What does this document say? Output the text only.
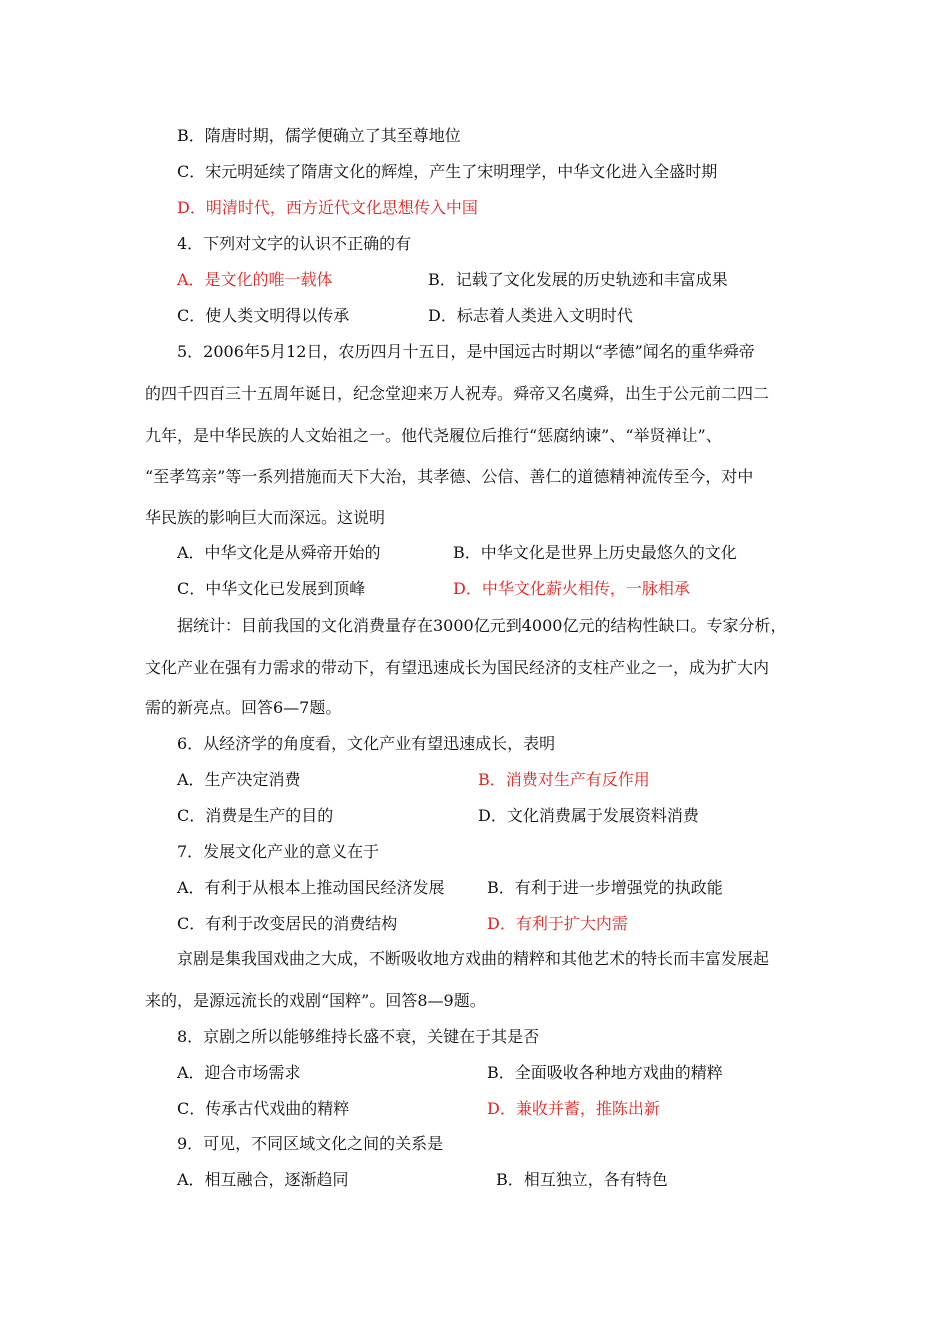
B．隋唐时期，儒学便确立了其至尊地位
C．宋元明延续了隋唐文化的辉煌，产生了宋明理学，中华文化进入全盛时期
D．明清时代，西方近代文化思想传入中国
4．下列对文字的认识不正确的有
A．是文化的唯一载体	B．记载了文化发展的历史轨迹和丰富成果
C．使人类文明得以传承	D．标志着人类进入文明时代
5．2006年5月12日，农历四月十五日，是中国远古时期以“孝德”闻名的重华舜帝
的四千四百三十五周年诞日，纪念堂迎来万人祝寿。舜帝又名虞舜，出生于公元前二四二
九年，是中华民族的人文始祖之一。他代尧履位后推行“惩腐纳谏”、“举贤禅让”、
“至孝笃亲”等一系列措施而天下大治，其孝德、公信、善仁的道德精神流传至今，对中
华民族的影响巨大而深远。这说明
A．中华文化是从舜帝开始的	B．中华文化是世界上历史最悠久的文化
C．中华文化已发展到顶峰	D．中华文化薪火相传，一脉相承
据统计：目前我国的文化消费量存在3000亿元到4000亿元的结构性缺口。专家分析，
文化产业在强有力需求的带动下，有望迅速成长为国民经济的支柱产业之一，成为扩大内
需的新亮点。回答6—7题。
6．从经济学的角度看，文化产业有望迅速成长，表明
A．生产决定消费	B．消费对生产有反作用
C．消费是生产的目的	D．文化消费属于发展资料消费
7．发展文化产业的意义在于
A．有利于从根本上推动国民经济发展	B．有利于进一步增强党的执政能
C．有利于改变居民的消费结构	D．有利于扩大内需
京剧是集我国戏曲之大成，不断吸收地方戏曲的精粹和其他艺术的特长而丰富发展起
来的，是源远流长的戏剧“国粹”。回答8—9题。
8．京剧之所以能够维持长盛不衰，关键在于其是否
A．迎合市场需求	B．全面吸收各种地方戏曲的精粹
C．传承古代戏曲的精粹	D．兼收并蓄，推陈出新
9．可见，不同区域文化之间的关系是
A．相互融合，逐渐趋同	B．相互独立，各有特色
